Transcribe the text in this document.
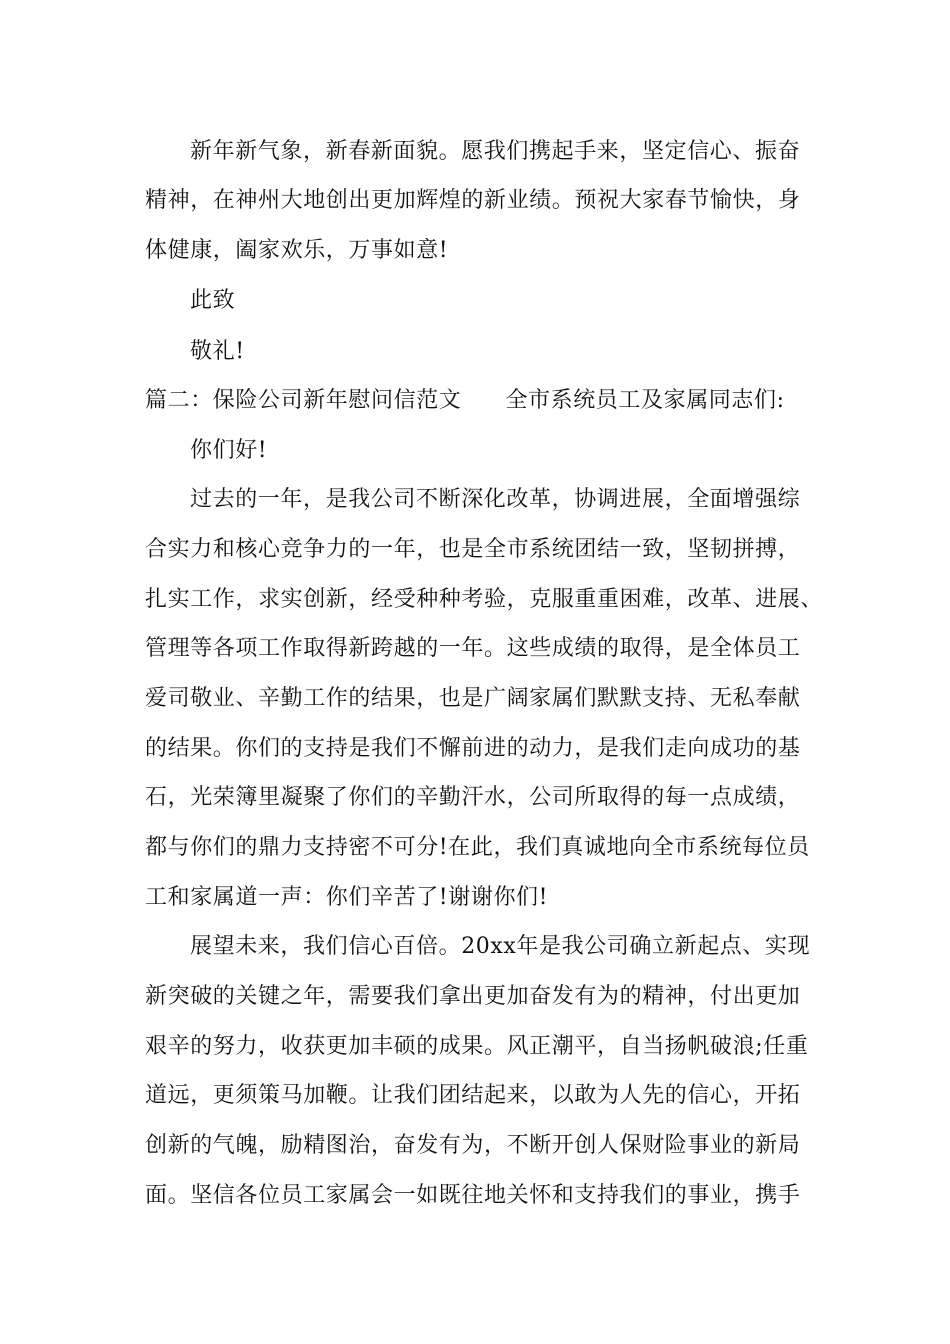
新年新气象，新春新面貌。愿我们携起手来，坚定信心、振奋
精神，在神州大地创出更加辉煌的新业绩。预祝大家春节愉快，身
体健康，阖家欢乐，万事如意!
此致
敬礼!
篇二：保险公司新年慰问信范文 全市系统员工及家属同志们:
你们好!
过去的一年，是我公司不断深化改革，协调进展，全面增强综
合实力和核心竞争力的一年，也是全市系统团结一致，坚韧拼搏，
扎实工作，求实创新，经受种种考验，克服重重困难，改革、进展、
管理等各项工作取得新跨越的一年。这些成绩的取得，是全体员工
爱司敬业、辛勤工作的结果，也是广阔家属们默默支持、无私奉献
的结果。你们的支持是我们不懈前进的动力，是我们走向成功的基
石，光荣簿里凝聚了你们的辛勤汗水，公司所取得的每一点成绩，
都与你们的鼎力支持密不可分!在此，我们真诚地向全市系统每位员
工和家属道一声：你们辛苦了!谢谢你们!
展望未来，我们信心百倍。20xx年是我公司确立新起点、实现
新突破的关键之年，需要我们拿出更加奋发有为的精神，付出更加
艰辛的努力，收获更加丰硕的成果。风正潮平，自当扬帆破浪;任重
道远，更须策马加鞭。让我们团结起来，以敢为人先的信心，开拓
创新的气魄，励精图治，奋发有为，不断开创人保财险事业的新局
面。坚信各位员工家属会一如既往地关怀和支持我们的事业，携手
